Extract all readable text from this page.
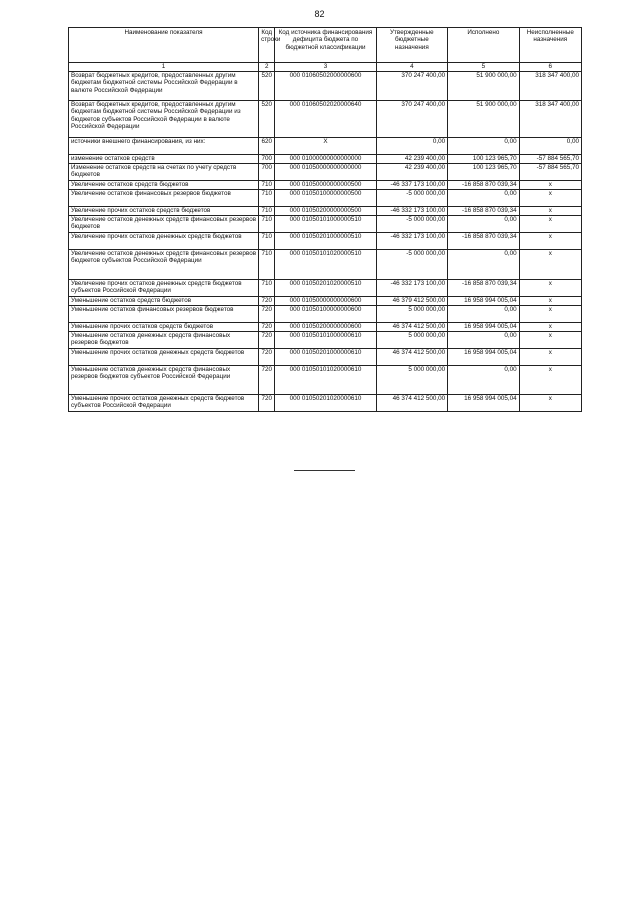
82
Наименование показателя	Код строки	Код источника финансирования дефицита бюджета по бюджетной классификации	Утвержденные бюджетные назначения	Исполнено	Неисполненные назначения
1	2	3	4	5	6
Возврат бюджетных кредитов, предоставленных другим бюджетам бюджетной системы Российской Федерации в валюте Российской Федерации	520	000 01060502000000600	370 247 400,00	51 900 000,00	318 347 400,00
Возврат бюджетных кредитов, предоставленных другим бюджетам бюджетной системы Российской Федерации из бюджетов субъектов Российской Федерации в валюте Российской Федерации	520	000 01060502020000640	370 247 400,00	51 900 000,00	318 347 400,00
источники внешнего финансирования, из них:	620	X	0,00	0,00	0,00
изменение остатков средств	700	000 01000000000000000	42 239 400,00	100 123 965,70	-57 884 565,70
Изменение остатков средств на счетах по учету средств бюджетов	700	000 01050000000000000	42 239 400,00	100 123 965,70	-57 884 565,70
Увеличение остатков средств бюджетов	710	000 01050000000000500	-46 337 173 100,00	-16 858 870 039,34	x
Увеличение остатков финансовых резервов бюджетов	710	000 01050100000000500	-5 000 000,00	0,00	x
Увеличение прочих остатков средств бюджетов	710	000 01050200000000500	-46 332 173 100,00	-16 858 870 039,34	x
Увеличение остатков денежных средств финансовых резервов бюджетов	710	000 01050101000000510	-5 000 000,00	0,00	x
Увеличение прочих остатков денежных средств бюджетов	710	000 01050201000000510	-46 332 173 100,00	-16 858 870 039,34	x
Увеличение остатков денежных средств финансовых резервов бюджетов субъектов Российской Федерации	710	000 01050101020000510	-5 000 000,00	0,00	x
Увеличение прочих остатков денежных средств бюджетов субъектов Российской Федерации	710	000 01050201020000510	-46 332 173 100,00	-16 858 870 039,34	x
Уменьшение остатков средств бюджетов	720	000 01050000000000600	46 379 412 500,00	16 958 994 005,04	x
Уменьшение остатков финансовых резервов бюджетов	720	000 01050100000000600	5 000 000,00	0,00	x
Уменьшение прочих остатков средств бюджетов	720	000 01050200000000600	46 374 412 500,00	16 958 994 005,04	x
Уменьшение остатков денежных средств финансовых резервов бюджетов	720	000 01050101000000610	5 000 000,00	0,00	x
Уменьшение прочих остатков денежных средств бюджетов	720	000 01050201000000610	46 374 412 500,00	16 958 994 005,04	x
Уменьшение остатков денежных средств финансовых резервов бюджетов субъектов Российской Федерации	720	000 01050101020000610	5 000 000,00	0,00	x
Уменьшение прочих остатков денежных средств бюджетов субъектов Российской Федерации	720	000 01050201020000610	46 374 412 500,00	16 958 994 005,04	x
